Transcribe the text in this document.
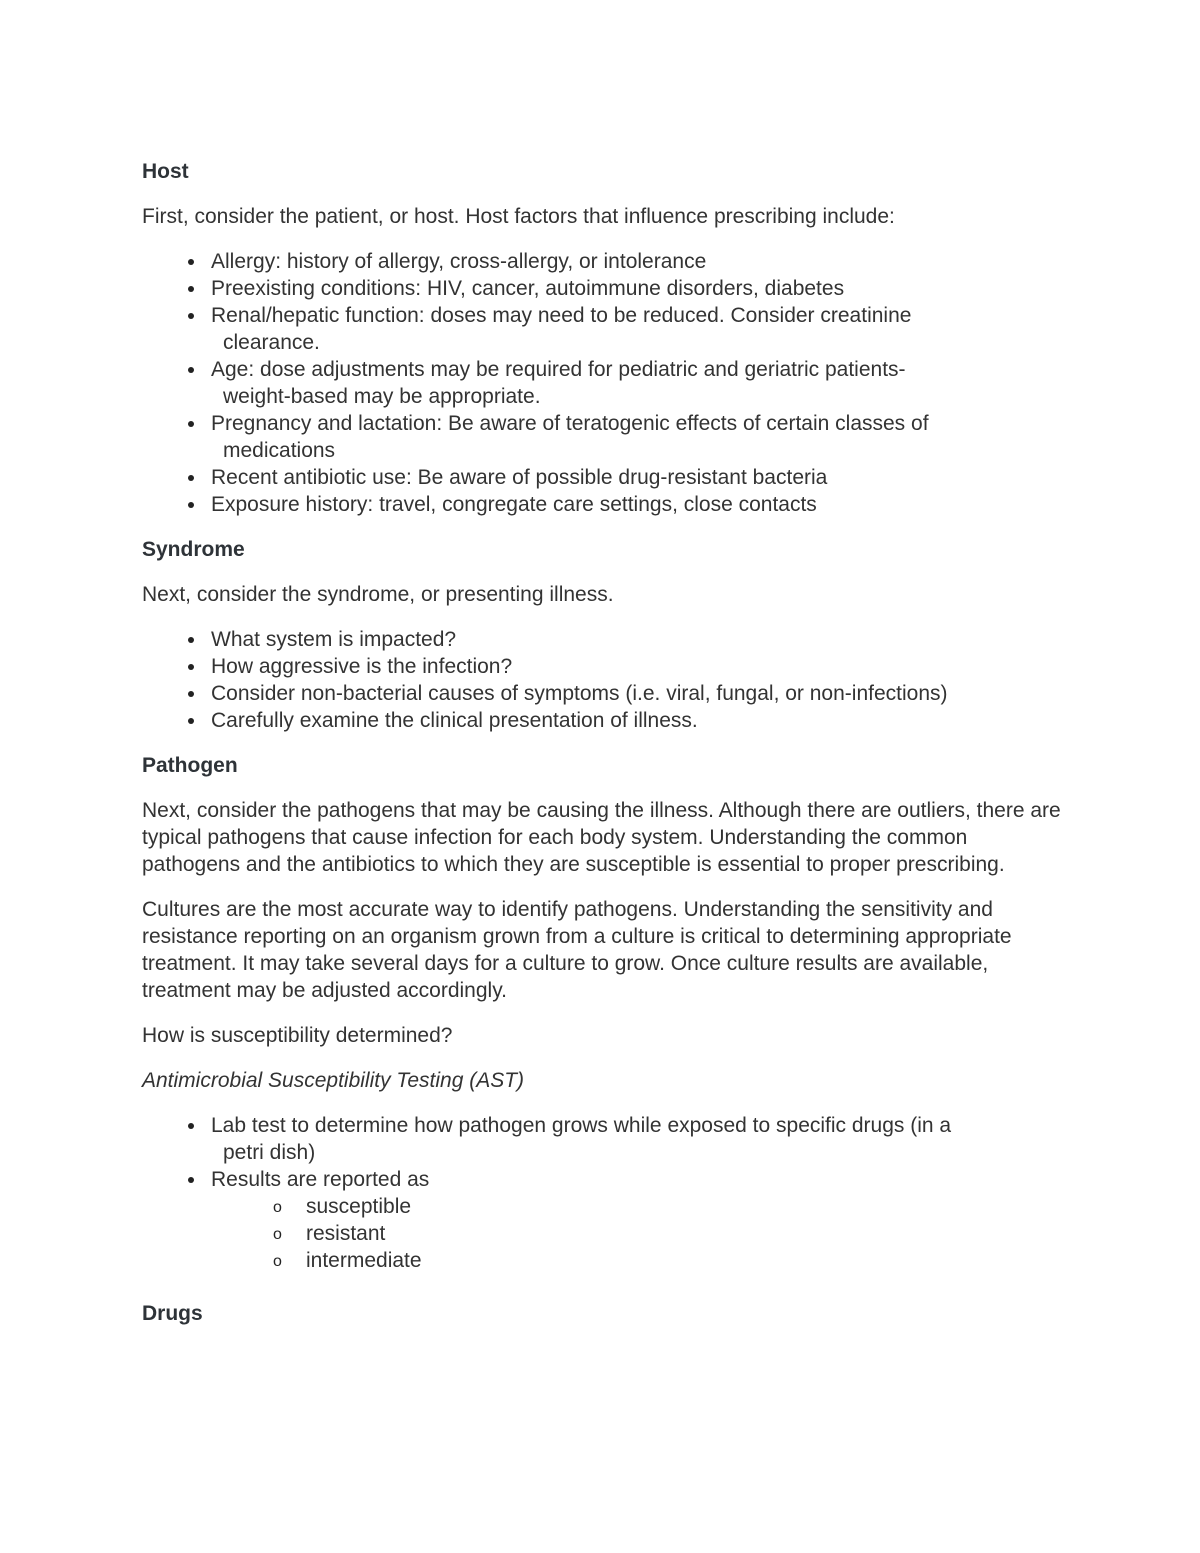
Host

First, consider the patient, or host. Host factors that influence prescribing include:

Allergy: history of allergy, cross-allergy, or intolerance
Preexisting conditions: HIV, cancer, autoimmune disorders, diabetes
Renal/hepatic function: doses may need to be reduced. Consider creatinine
clearance.
Age: dose adjustments may be required for pediatric and geriatric patients-
weight-based may be appropriate.
Pregnancy and lactation: Be aware of teratogenic effects of certain classes of
medications
Recent antibiotic use: Be aware of possible drug-resistant bacteria
Exposure history: travel, congregate care settings, close contacts
Syndrome

Next, consider the syndrome, or presenting illness.

What system is impacted?
How aggressive is the infection?
Consider non-bacterial causes of symptoms (i.e. viral, fungal, or non-infections)
Carefully examine the clinical presentation of illness.
Pathogen

Next, consider the pathogens that may be causing the illness. Although there are outliers, there are typical pathogens that cause infection for each body system. Understanding the common pathogens and the antibiotics to which they are susceptible is essential to proper prescribing.

Cultures are the most accurate way to identify pathogens. Understanding the sensitivity and resistance reporting on an organism grown from a culture is critical to determining appropriate treatment. It may take several days for a culture to grow. Once culture results are available, treatment may be adjusted accordingly.

How is susceptibility determined?

Antimicrobial Susceptibility Testing (AST)

Lab test to determine how pathogen grows while exposed to specific drugs (in a
petri dish)
Results are reported as
o susceptible
o resistant
o intermediate
Drugs
